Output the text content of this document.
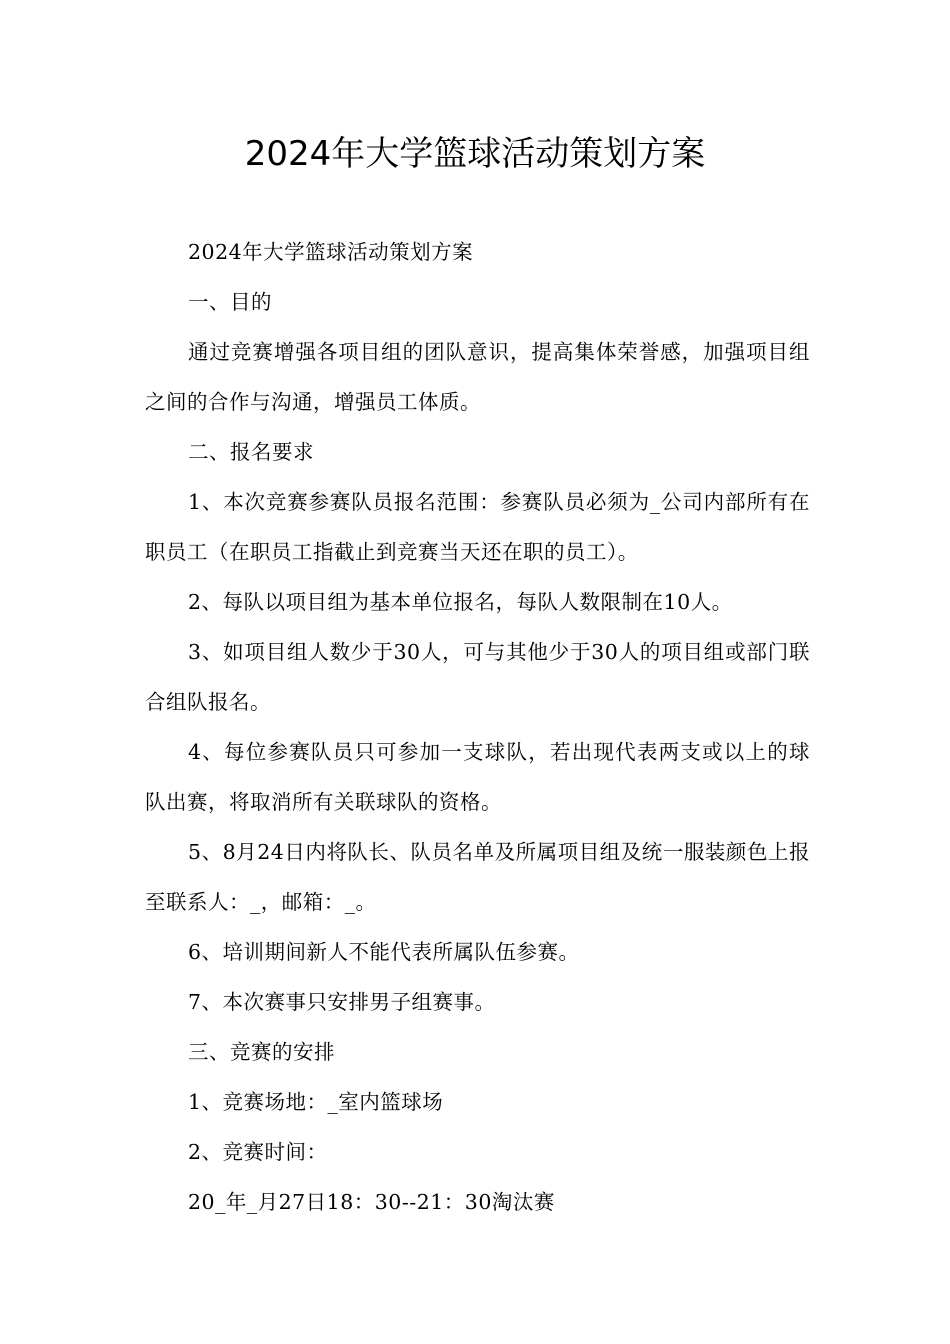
2024年大学篮球活动策划方案

2024年大学篮球活动策划方案

一、目的

通过竞赛增强各项目组的团队意识，提高集体荣誉感，加强项目组之间的合作与沟通，增强员工体质。

二、报名要求

1、本次竞赛参赛队员报名范围：参赛队员必须为_公司内部所有在职员工（在职员工指截止到竞赛当天还在职的员工）。

2、每队以项目组为基本单位报名，每队人数限制在10人。

3、如项目组人数少于30人，可与其他少于30人的项目组或部门联合组队报名。

4、每位参赛队员只可参加一支球队，若出现代表两支或以上的球队出赛，将取消所有关联球队的资格。

5、8月24日内将队长、队员名单及所属项目组及统一服装颜色上报至联系人：_，邮箱：_。

6、培训期间新人不能代表所属队伍参赛。

7、本次赛事只安排男子组赛事。

三、竞赛的安排

1、竞赛场地：_室内篮球场

2、竞赛时间：

20_年_月27日18：30--21：30淘汰赛
